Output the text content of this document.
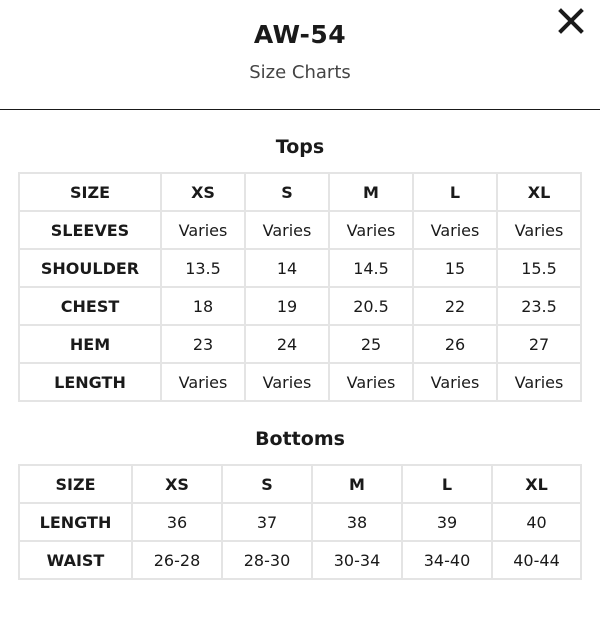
AW-54
Size Charts
Tops
SIZE	XS	S	M	L	XL
SLEEVES	Varies	Varies	Varies	Varies	Varies
SHOULDER	13.5	14	14.5	15	15.5
CHEST	18	19	20.5	22	23.5
HEM	23	24	25	26	27
LENGTH	Varies	Varies	Varies	Varies	Varies
Bottoms
SIZE	XS	S	M	L	XL
LENGTH	36	37	38	39	40
WAIST	26-28	28-30	30-34	34-40	40-44
